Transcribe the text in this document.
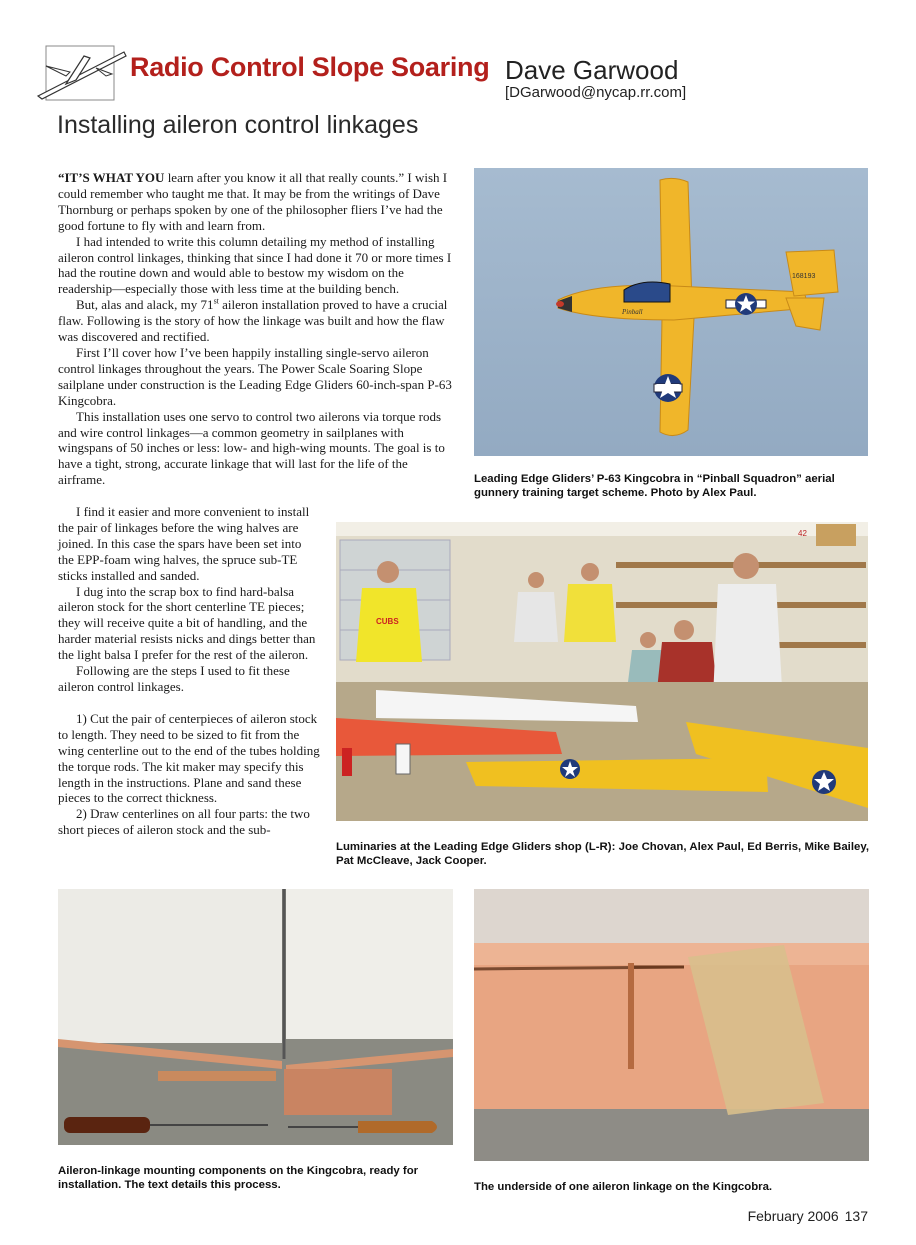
Radio Control Slope Soaring Dave Garwood
[DGarwood@nycap.rr.com]
Installing aileron control linkages

“IT’S WHAT YOU learn after you know it all that really counts.” I wish I could remember who taught me that. It may be from the writings of Dave Thornburg or perhaps spoken by one of the philosopher fliers I’ve had the good fortune to fly with and learn from.

I had intended to write this column detailing my method of installing aileron control linkages, thinking that since I had done it 70 or more times I had the routine down and would able to bestow my wisdom on the readership—especially those with less time at the building bench.

But, alas and alack, my 71st aileron installation proved to have a crucial flaw. Following is the story of how the linkage was built and how the flaw was discovered and rectified.

First I’ll cover how I’ve been happily installing single-servo aileron control linkages throughout the years. The Power Scale Soaring Slope sailplane under construction is the Leading Edge Gliders 60-inch-span P-63 Kingcobra.

This installation uses one servo to control two ailerons via torque rods and wire control linkages—a common geometry in sailplanes with wingspans of 50 inches or less: low- and high-wing mounts. The goal is to have a tight, strong, accurate linkage that will last for the life of the airframe.

I find it easier and more convenient to install the pair of linkages before the wing halves are joined. In this case the spars have been set into the EPP-foam wing halves, the spruce sub-TE sticks installed and sanded.

I dug into the scrap box to find hard-balsa aileron stock for the short centerline TE pieces; they will receive quite a bit of handling, and the harder material resists nicks and dings better than the light balsa I prefer for the rest of the aileron.

Following are the steps I used to fit these aileron control linkages.

1) Cut the pair of centerpieces of aileron stock to length. They need to be sized to fit from the wing centerline out to the end of the tubes holding the torque rods. The kit maker may specify this length in the instructions. Plane and sand these pieces to the correct thickness.

2) Draw centerlines on all four parts: the two short pieces of aileron stock and the sub-

168193
Pinball
Leading Edge Gliders’ P-63 Kingcobra in “Pinball Squadron” aerial gunnery training target scheme. Photo by Alex Paul.
42
CUBS
Luminaries at the Leading Edge Gliders shop (L-R): Joe Chovan, Alex Paul, Ed Berris, Mike Bailey, Pat McCleave, Jack Cooper.
Aileron-linkage mounting components on the Kingcobra, ready for installation. The text details this process.	The underside of one aileron linkage on the Kingcobra.
February 2006 137
